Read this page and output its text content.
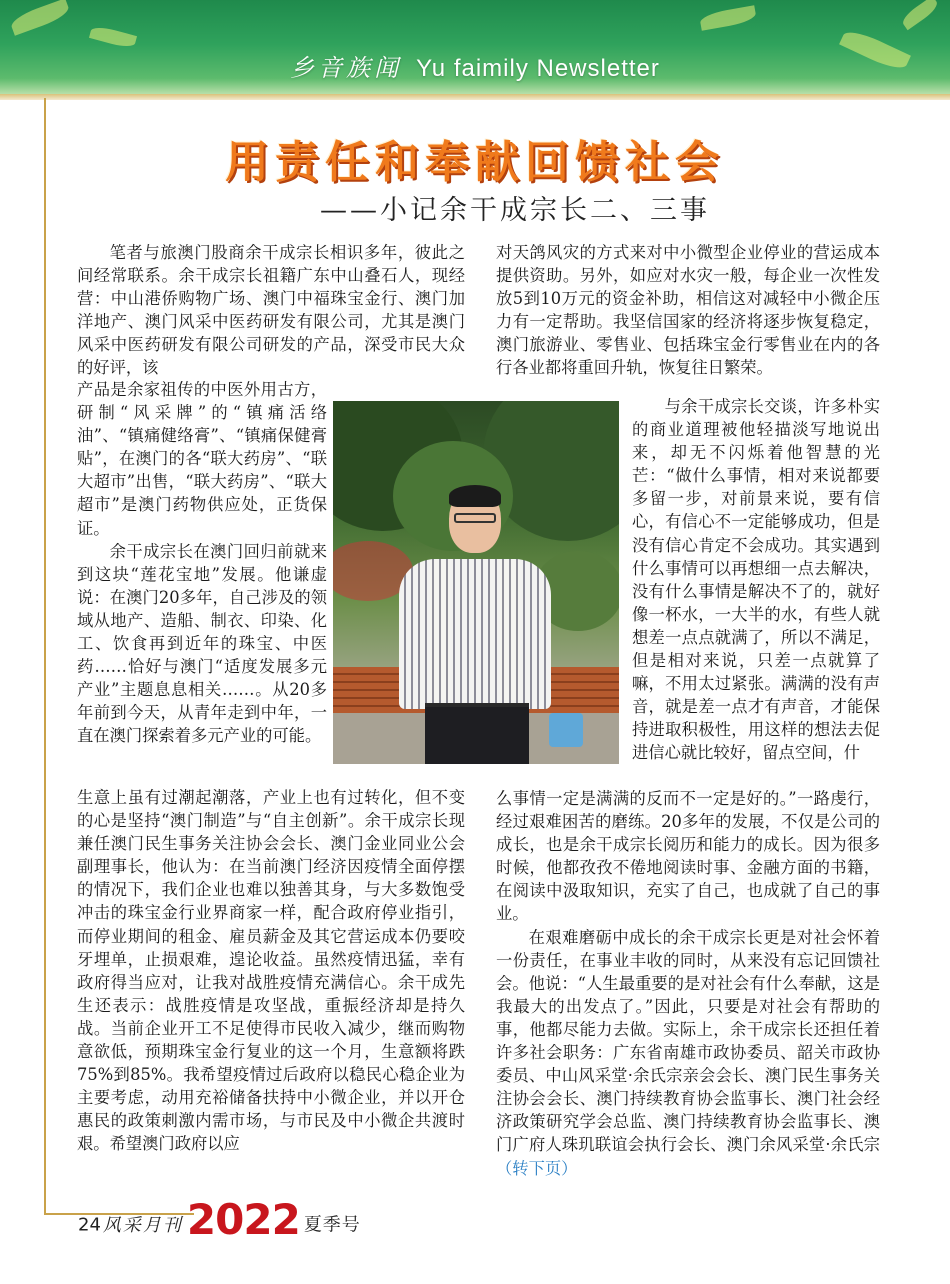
乡音族闻 Yu faimily Newsletter
用责任和奉献回馈社会
——小记余干成宗长二、三事

笔者与旅澳门股商余干成宗长相识多年，彼此之间经常联系。余干成宗长祖籍广东中山叠石人，现经营：中山港侨购物广场、澳门中福珠宝金行、澳门加洋地产、澳门风采中医药研发有限公司，尤其是澳门风采中医药研发有限公司研发的产品，深受市民大众的好评，该

产品是余家祖传的中医外用古方，研制“风采牌”的“镇痛活络油”、“镇痛健络膏”、“镇痛保健膏贴”，在澳门的各“联大药房”、“联大超市”出售，“联大药房”、“联大超市”是澳门药物供应处，正货保证。

余干成宗长在澳门回归前就来到这块“莲花宝地”发展。他谦虚说：在澳门20多年，自己涉及的领域从地产、造船、制衣、印染、化工、饮食再到近年的珠宝、中医药……恰好与澳门“适度发展多元产业”主题息息相关……。从20多年前到今天，从青年走到中年，一直在澳门探索着多元产业的可能。

生意上虽有过潮起潮落，产业上也有过转化，但不变的心是坚持“澳门制造”与“自主创新”。余干成宗长现兼任澳门民生事务关注协会会长、澳门金业同业公会副理事长，他认为：在当前澳门经济因疫情全面停摆的情况下，我们企业也难以独善其身，与大多数饱受冲击的珠宝金行业界商家一样，配合政府停业指引，而停业期间的租金、雇员薪金及其它营运成本仍要咬牙埋单，止损艰难，遑论收益。虽然疫情迅猛，幸有政府得当应对，让我对战胜疫情充满信心。余干成先生还表示：战胜疫情是攻坚战，重振经济却是持久战。当前企业开工不足使得市民收入减少，继而购物意欲低，预期珠宝金行复业的这一个月，生意额将跌75%到85%。我希望疫情过后政府以稳民心稳企业为主要考虑，动用充裕储备扶持中小微企业，并以开仓惠民的政策刺激内需市场，与市民及中小微企共渡时艰。希望澳门政府以应

对天鸽风灾的方式来对中小微型企业停业的营运成本提供资助。另外，如应对水灾一般，每企业一次性发放5到10万元的资金补助，相信这对减轻中小微企压力有一定帮助。我坚信国家的经济将逐步恢复稳定，澳门旅游业、零售业、包括珠宝金行零售业在内的各行各业都将重回升轨，恢复往日繁荣。

与余干成宗长交谈，许多朴实的商业道理被他轻描淡写地说出来，却无不闪烁着他智慧的光芒：“做什么事情，相对来说都要多留一步，对前景来说，要有信心，有信心不一定能够成功，但是没有信心肯定不会成功。其实遇到什么事情可以再想细一点去解决，没有什么事情是解决不了的，就好像一杯水，一大半的水，有些人就想差一点点就满了，所以不满足，但是相对来说，只差一点就算了嘛，不用太过紧张。满满的没有声音，就是差一点才有声音，才能保持进取积极性，用这样的想法去促进信心就比较好，留点空间，什

么事情一定是满满的反而不一定是好的。”一路虔行，经过艰难困苦的磨练。20多年的发展，不仅是公司的成长，也是余干成宗长阅历和能力的成长。因为很多时候，他都孜孜不倦地阅读时事、金融方面的书籍，在阅读中汲取知识，充实了自己，也成就了自己的事业。

在艰难磨砺中成长的余干成宗长更是对社会怀着一份责任，在事业丰收的同时，从来没有忘记回馈社会。他说：“人生最重要的是对社会有什么奉献，这是我最大的出发点了。”因此，只要是对社会有帮助的事，他都尽能力去做。实际上，余干成宗长还担任着许多社会职务：广东省南雄市政协委员、韶关市政协委员、中山风采堂·余氏宗亲会会长、澳门民生事务关注协会会长、澳门持续教育协会监事长、澳门社会经济政策研究学会总监、澳门持续教育协会监事长、澳门广府人珠玑联谊会执行会长、澳门余风采堂·余氏宗（转下页）

24 风采月刊2022 夏季号
